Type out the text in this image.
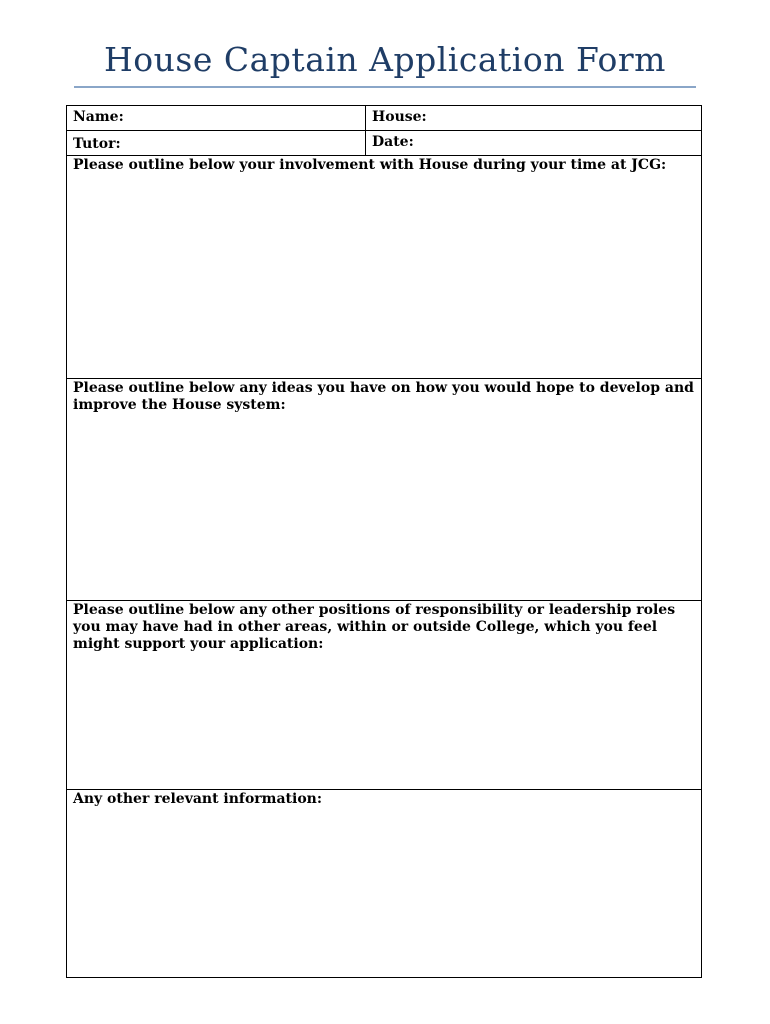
House Captain Application Form
Name:	House:
Tutor:	Date:
Please outline below your involvement with House during your time at JCG:
Please outline below any ideas you have on how you would hope to develop and improve the House system:
Please outline below any other positions of responsibility or leadership roles you may have had in other areas, within or outside College, which you feel might support your application:
Any other relevant information:
